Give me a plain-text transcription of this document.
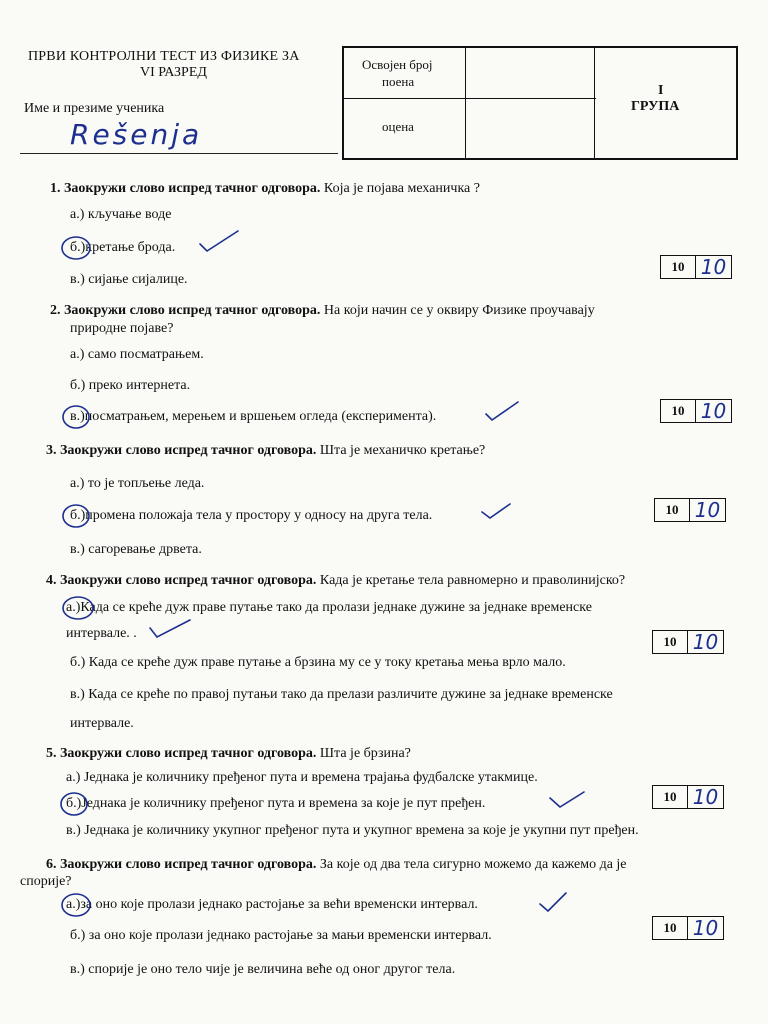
ПРВИ КОНТРОЛНИ ТЕСТ ИЗ ФИЗИКЕ ЗА
VI РАЗРЕД
Име и презиме ученика
Rešenja
Освојен број
поена
оцена
I
ГРУПА
1. Заокружи слово испред тачног одговора. Која је појава механичка ?
а.) кључање воде
б.)кретање брода.
в.) сијање сијалице.
10 10
2. Заокружи слово испред тачног одговора. На који начин се у оквиру Физике проучавају
природне појаве?
а.) само посматрањем.
б.) преко интернета.
в.)посматрањем, мерењем и вршењем огледа (експеримента).	10 10
3. Заокружи слово испред тачног одговора. Шта је механичко кретање?
а.) то је топљење леда.
б.)промена положаја тела у простору у односу на друга тела.
в.) сагоревање дрвета.
10 10
4. Заокружи слово испред тачног одговора. Када је кретање тела равномерно и праволинијско?
а.)Када се креће дуж праве путање тако да пролази једнаке дужине за једнаке временске
интервале. .
б.) Када се креће дуж праве путање а брзина му се у току кретања мења врло мало.
в.) Када се креће по правој путањи тако да прелази различите дужине за једнаке временске
интервале.
10 10
5. Заокружи слово испред тачног одговора. Шта је брзина?
а.) Једнака је количнику пређеног пута и времена трајања фудбалске утакмице.
б.)Једнака је количнику пређеног пута и времена за које је пут пређен.
в.) Једнака је количнику укупног пређеног пута и укупног времена за које је укупни пут пређен.
10 10
6. Заокружи слово испред тачног одговора. За које од два тела сигурно можемо да кажемо да је
спорије?
а.)за оно које пролази једнако растојање за већи временски интервал.
б.) за оно које пролази једнако растојање за мањи временски интервал.
в.) спорије је оно тело чије је величина веће од оног другог тела.
10 10
